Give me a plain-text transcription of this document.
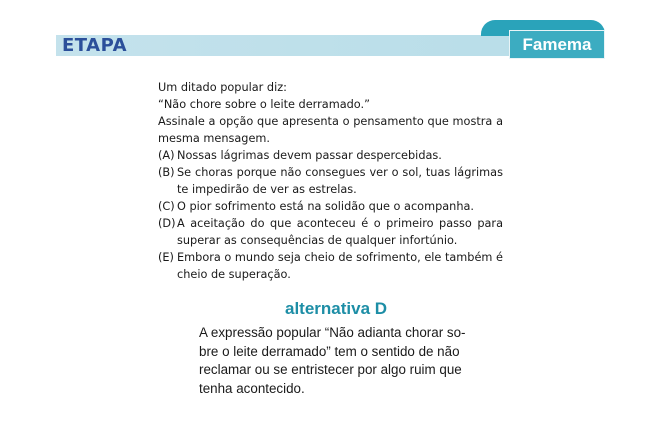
ETAPA	Famema

Um ditado popular diz:

“Não chore sobre o leite derramado.”

Assinale a opção que apresenta o pensamento que mostra a mesma mensagem.

(A) Nossas lágrimas devem passar despercebidas.
(B) Se choras porque não consegues ver o sol, tuas lágrimas te impedirão de ver as estrelas.
(C) O pior sofrimento está na solidão que o acompanha.
(D) A aceitação do que aconteceu é o primeiro passo para superar as consequências de qualquer infortúnio.
(E) Embora o mundo seja cheio de sofrimento, ele também é cheio de superação.
alternativa D
A expressão popular “Não adianta chorar so-
bre o leite derramado” tem o sentido de não
reclamar ou se entristecer por algo ruim que
tenha acontecido.
